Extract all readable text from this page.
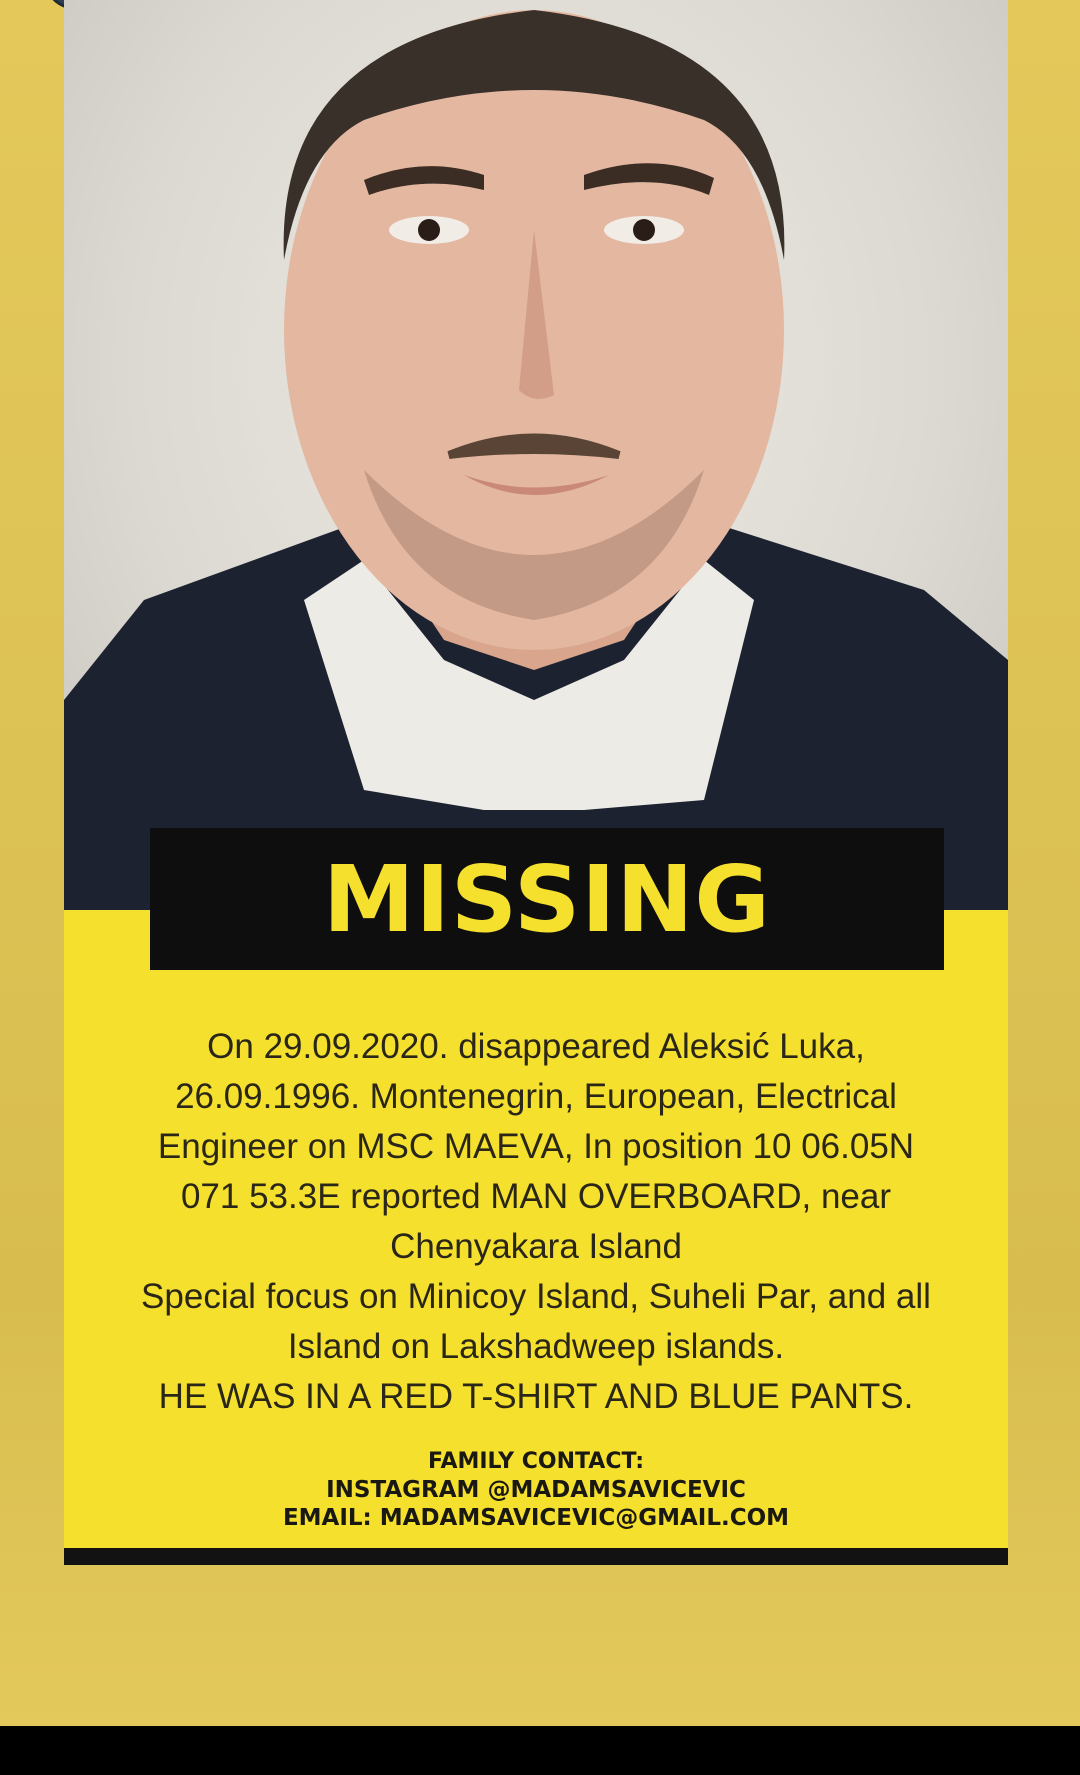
MISSING
On 29.09.2020. disappeared Aleksić Luka,
26.09.1996. Montenegrin, European, Electrical
Engineer on MSC MAEVA, In position 10 06.05N
071 53.3E reported MAN OVERBOARD, near
Chenyakara Island
Special focus on Minicoy Island, Suheli Par, and all
Island on Lakshadweep islands.
HE WAS IN A RED T-SHIRT AND BLUE PANTS.
FAMILY CONTACT:
INSTAGRAM @MADAMSAVICEVIC
EMAIL: MADAMSAVICEVIC@GMAIL.COM
